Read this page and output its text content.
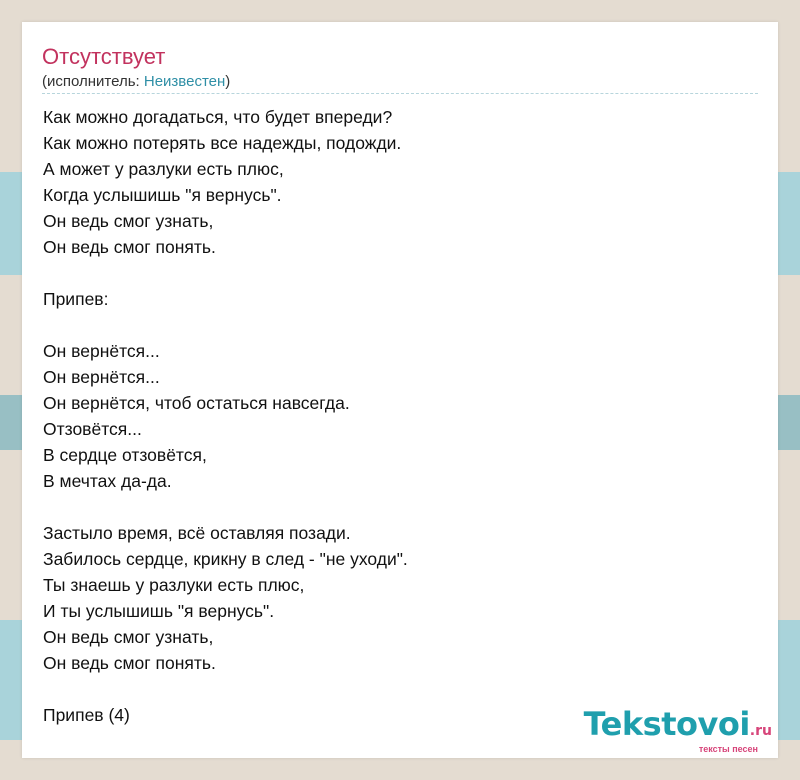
Отсутствует
(исполнитель: Неизвестен)
Как можно догадаться, что будет впереди?
Как можно потерять все надежды, подожди.
А может у разлуки есть плюс,
Когда услышишь "я вернусь".
Он ведь смог узнать,
Он ведь смог понять.
Припев:
Он вернётся...
Он вернётся...
Он вернётся, чтоб остаться навсегда.
Отзовётся...
В сердце отзовётся,
В мечтах да-да.
Застыло время, всё оставляя позади.
Забилось сердце, крикну в след - "не уходи".
Ты знаешь у разлуки есть плюс,
И ты услышишь "я вернусь".
Он ведь смог узнать,
Он ведь смог понять.
Припев (4)	Tekstovoi.ru
тексты песен
